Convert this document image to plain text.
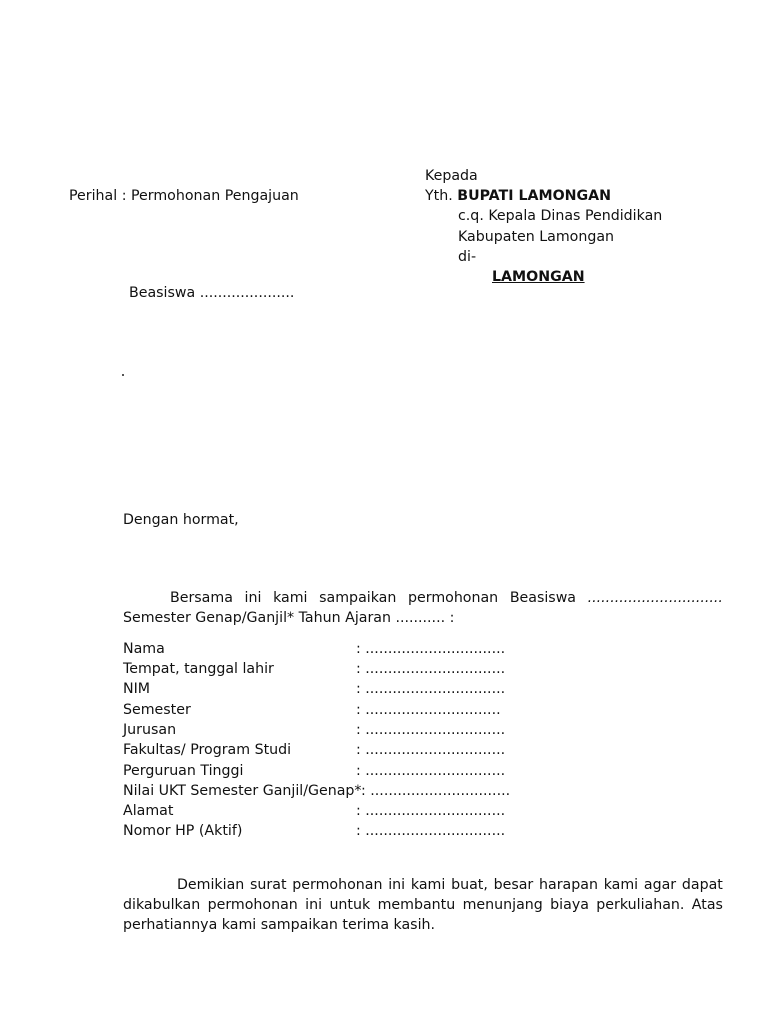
Kepada
Yth. BUPATI LAMONGAN
c.q. Kepala Dinas Pendidikan
Kabupaten Lamongan
di-
LAMONGAN
Perihal : Permohonan Pengajuan
Beasiswa .....................
Dengan hormat,
Bersama ini kami sampaikan permohonan Beasiswa ..............................
Semester Genap/Ganjil* Tahun Ajaran ........... :
Nama	: ...............................
Tempat, tanggal lahir	: ...............................
NIM	: ...............................
Semester	: ..............................
Jurusan	: ...............................
Fakultas/ Program Studi	: ...............................
Perguruan Tinggi	: ...............................
Nilai UKT Semester Ganjil/Genap* : ...............................
Alamat	: ...............................
Nomor HP (Aktif)	: ...............................
Demikian surat permohonan ini kami buat, besar harapan kami agar dapat
dikabulkan permohonan ini untuk membantu menunjang biaya perkuliahan. Atas
perhatiannya kami sampaikan terima kasih.
